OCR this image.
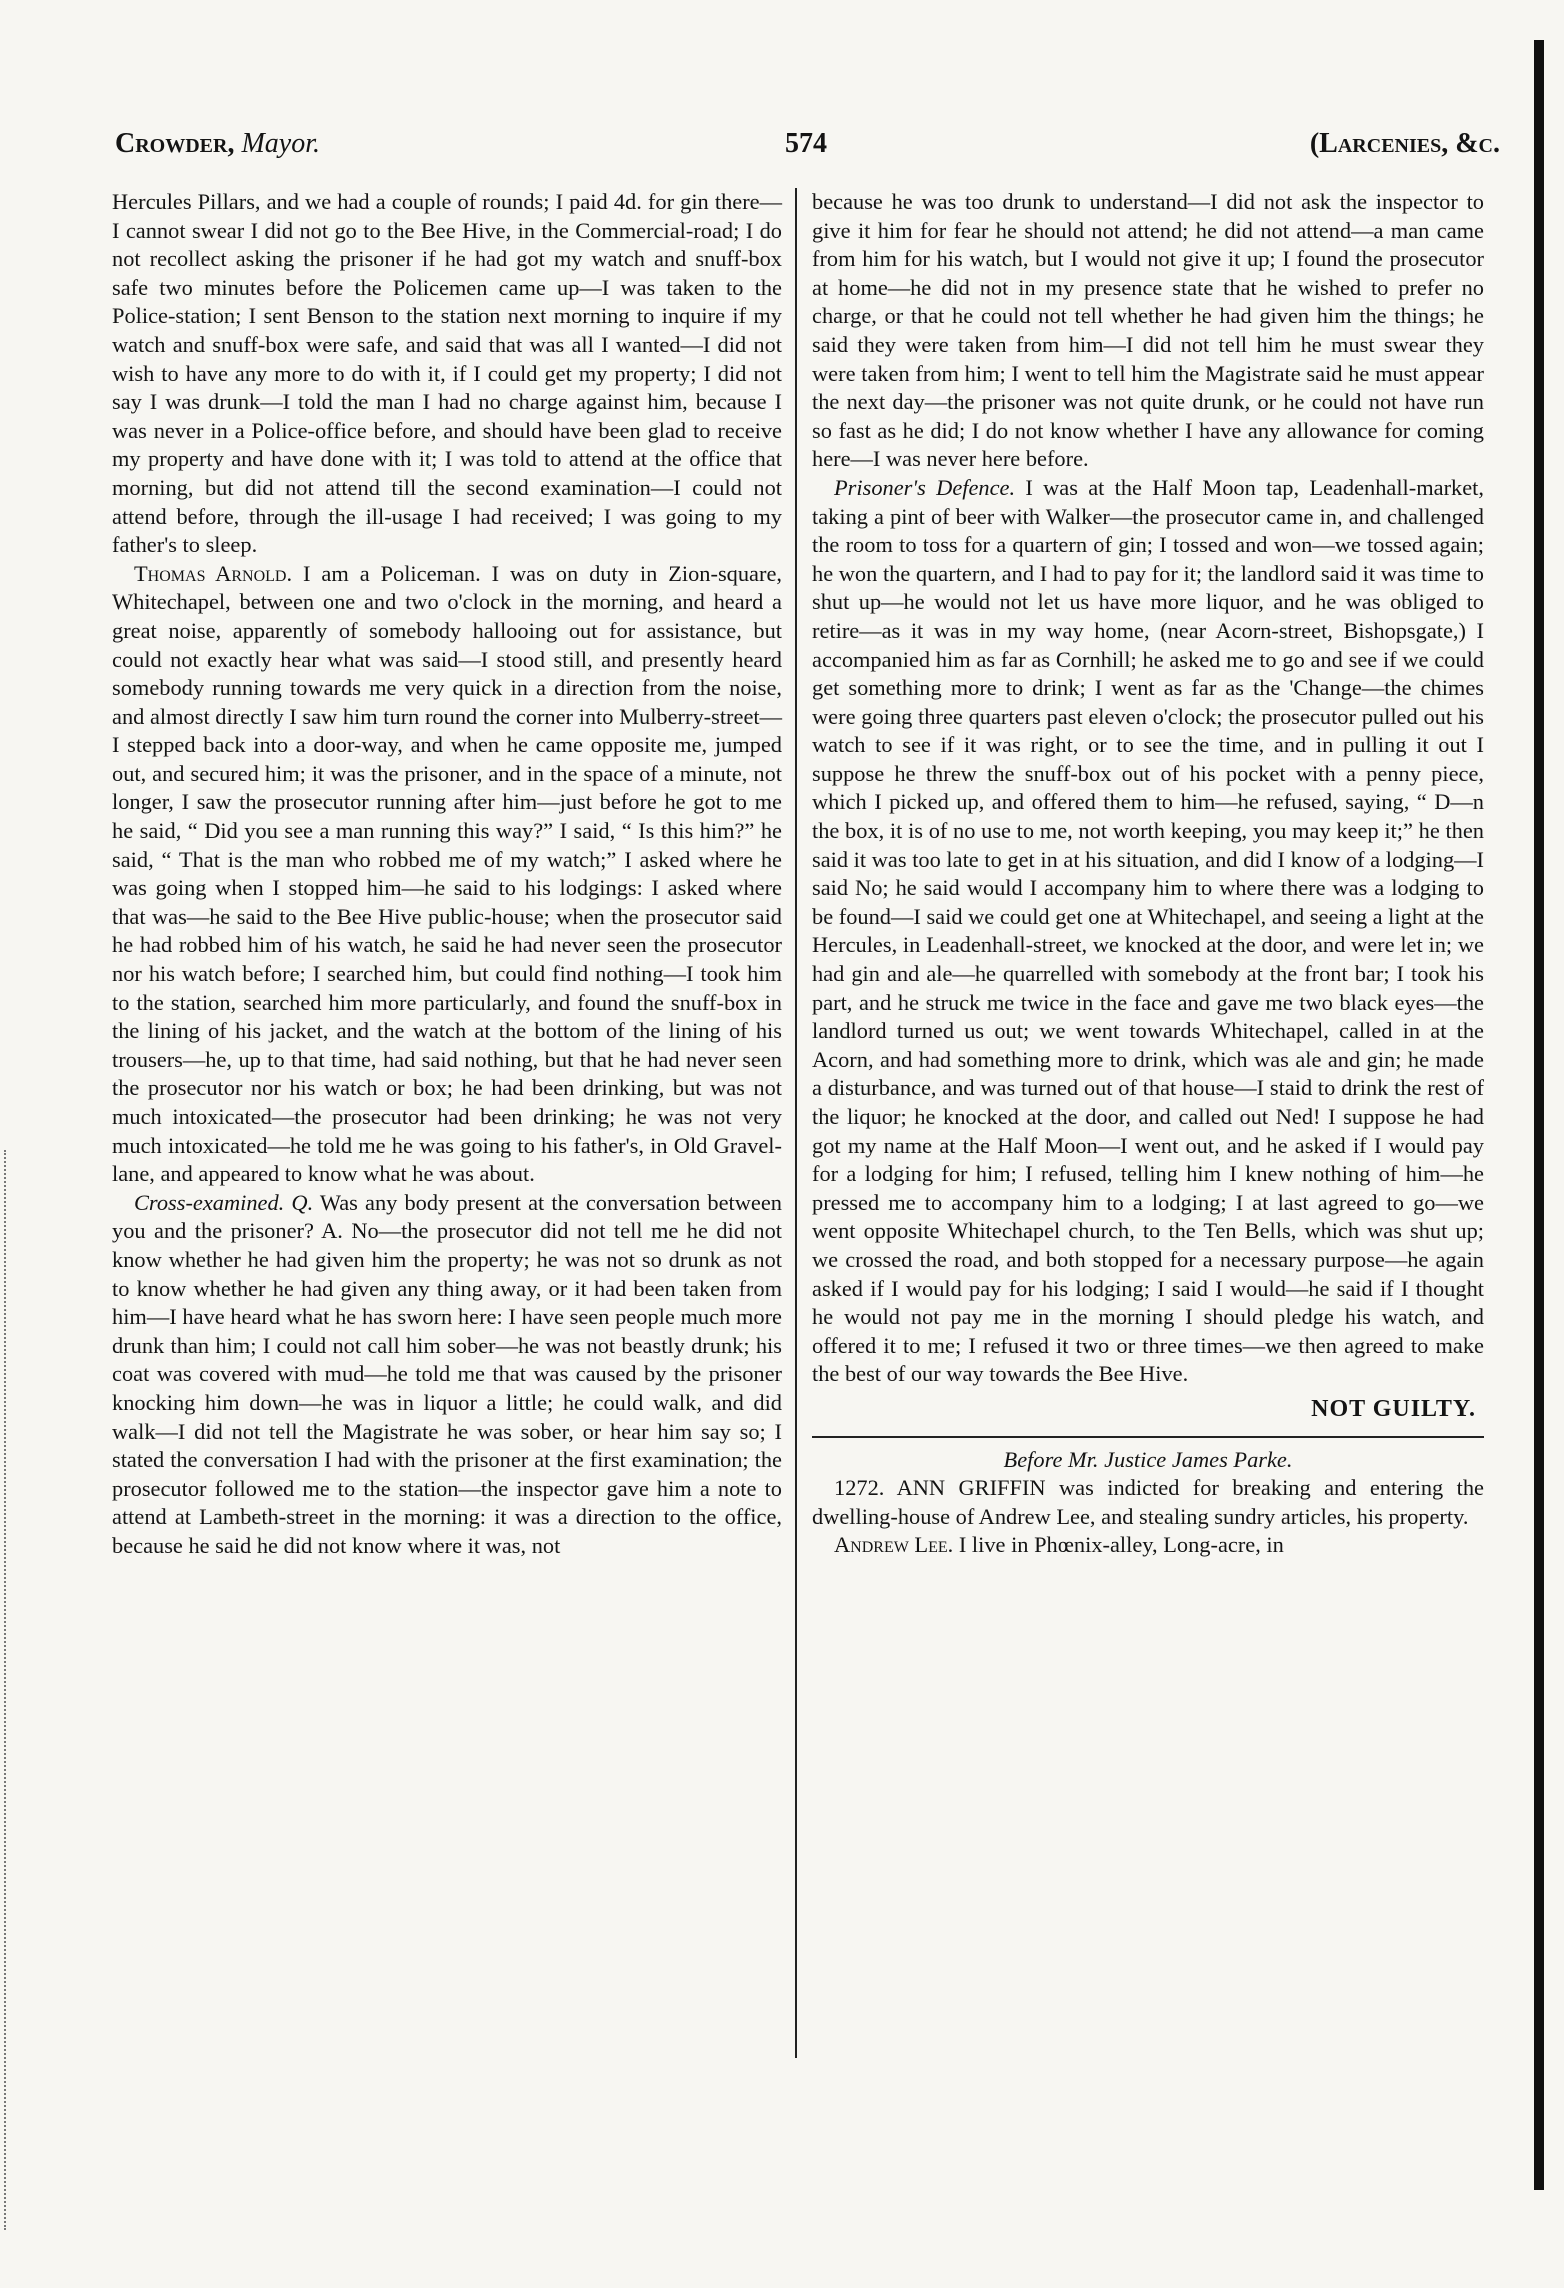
Crowder, Mayor.	574	(Larcenies, &c.

Hercules Pillars, and we had a couple of rounds; I paid 4d. for gin there—I cannot swear I did not go to the Bee Hive, in the Commercial-road; I do not recollect asking the prisoner if he had got my watch and snuff-box safe two minutes before the Policemen came up—I was taken to the Police-station; I sent Benson to the station next morning to inquire if my watch and snuff-box were safe, and said that was all I wanted—I did not wish to have any more to do with it, if I could get my property; I did not say I was drunk—I told the man I had no charge against him, because I was never in a Police-office before, and should have been glad to receive my property and have done with it; I was told to attend at the office that morning, but did not attend till the second examination—I could not attend before, through the ill-usage I had received; I was going to my father's to sleep.

Thomas Arnold. I am a Policeman. I was on duty in Zion-square, Whitechapel, between one and two o'clock in the morning, and heard a great noise, apparently of somebody hallooing out for assistance, but could not exactly hear what was said—I stood still, and presently heard somebody running towards me very quick in a direction from the noise, and almost directly I saw him turn round the corner into Mulberry-street—I stepped back into a door-way, and when he came opposite me, jumped out, and secured him; it was the prisoner, and in the space of a minute, not longer, I saw the prosecutor running after him—just before he got to me he said, “ Did you see a man running this way?” I said, “ Is this him?” he said, “ That is the man who robbed me of my watch;” I asked where he was going when I stopped him—he said to his lodgings: I asked where that was—he said to the Bee Hive public-house; when the prosecutor said he had robbed him of his watch, he said he had never seen the prosecutor nor his watch before; I searched him, but could find nothing—I took him to the station, searched him more particularly, and found the snuff-box in the lining of his jacket, and the watch at the bottom of the lining of his trousers—he, up to that time, had said nothing, but that he had never seen the prosecutor nor his watch or box; he had been drinking, but was not much intoxicated—the prosecutor had been drinking; he was not very much intoxicated—he told me he was going to his father's, in Old Gravel-lane, and appeared to know what he was about.

Cross-examined. Q. Was any body present at the conversation between you and the prisoner? A. No—the prosecutor did not tell me he did not know whether he had given him the property; he was not so drunk as not to know whether he had given any thing away, or it had been taken from him—I have heard what he has sworn here: I have seen people much more drunk than him; I could not call him sober—he was not beastly drunk; his coat was covered with mud—he told me that was caused by the prisoner knocking him down—he was in liquor a little; he could walk, and did walk—I did not tell the Magistrate he was sober, or hear him say so; I stated the conversation I had with the prisoner at the first examination; the prosecutor followed me to the station—the inspector gave him a note to attend at Lambeth-street in the morning: it was a direction to the office, because he said he did not know where it was, not

because he was too drunk to understand—I did not ask the inspector to give it him for fear he should not attend; he did not attend—a man came from him for his watch, but I would not give it up; I found the prosecutor at home—he did not in my presence state that he wished to prefer no charge, or that he could not tell whether he had given him the things; he said they were taken from him—I did not tell him he must swear they were taken from him; I went to tell him the Magistrate said he must appear the next day—the prisoner was not quite drunk, or he could not have run so fast as he did; I do not know whether I have any allowance for coming here—I was never here before.

Prisoner's Defence. I was at the Half Moon tap, Leadenhall-market, taking a pint of beer with Walker—the prosecutor came in, and challenged the room to toss for a quartern of gin; I tossed and won—we tossed again; he won the quartern, and I had to pay for it; the landlord said it was time to shut up—he would not let us have more liquor, and he was obliged to retire—as it was in my way home, (near Acorn-street, Bishopsgate,) I accompanied him as far as Cornhill; he asked me to go and see if we could get something more to drink; I went as far as the 'Change—the chimes were going three quarters past eleven o'clock; the prosecutor pulled out his watch to see if it was right, or to see the time, and in pulling it out I suppose he threw the snuff-box out of his pocket with a penny piece, which I picked up, and offered them to him—he refused, saying, “ D—n the box, it is of no use to me, not worth keeping, you may keep it;” he then said it was too late to get in at his situation, and did I know of a lodging—I said No; he said would I accompany him to where there was a lodging to be found—I said we could get one at Whitechapel, and seeing a light at the Hercules, in Leadenhall-street, we knocked at the door, and were let in; we had gin and ale—he quarrelled with somebody at the front bar; I took his part, and he struck me twice in the face and gave me two black eyes—the landlord turned us out; we went towards Whitechapel, called in at the Acorn, and had something more to drink, which was ale and gin; he made a disturbance, and was turned out of that house—I staid to drink the rest of the liquor; he knocked at the door, and called out Ned! I suppose he had got my name at the Half Moon—I went out, and he asked if I would pay for a lodging for him; I refused, telling him I knew nothing of him—he pressed me to accompany him to a lodging; I at last agreed to go—we went opposite Whitechapel church, to the Ten Bells, which was shut up; we crossed the road, and both stopped for a necessary purpose—he again asked if I would pay for his lodging; I said I would—he said if I thought he would not pay me in the morning I should pledge his watch, and offered it to me; I refused it two or three times—we then agreed to make the best of our way towards the Bee Hive.

NOT GUILTY.
Before Mr. Justice James Parke.

1272. ANN GRIFFIN was indicted for breaking and entering the dwelling-house of Andrew Lee, and stealing sundry articles, his property.

Andrew Lee. I live in Phœnix-alley, Long-acre, in
